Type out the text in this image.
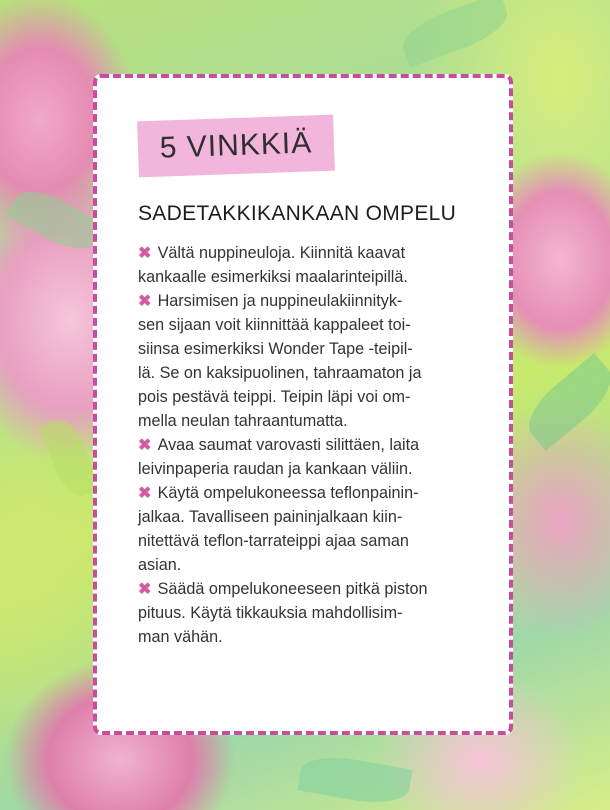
5 VINKKIÄ
SADETAKKIKANKAAN OMPELU
✖ Vältä nuppineuloja. Kiinnitä kaavat
kankaalle esimerkiksi maalarinteipillä.
✖ Harsimisen ja nuppineulakiinnityk-
sen sijaan voit kiinnittää kappaleet toi-
siinsa esimerkiksi Wonder Tape -teipil-
lä. Se on kaksipuolinen, tahraamaton ja
pois pestävä teippi. Teipin läpi voi om-
mella neulan tahraantumatta.
✖ Avaa saumat varovasti silittäen, laita
leivinpaperia raudan ja kankaan väliin.
✖ Käytä ompelukoneessa teflonpainin-
jalkaa. Tavalliseen paininjalkaan kiin-
nitettävä teflon-tarrateippi ajaa saman
asian.
✖ Säädä ompelukoneeseen pitkä piston
pituus. Käytä tikkauksia mahdollisim-
man vähän.
